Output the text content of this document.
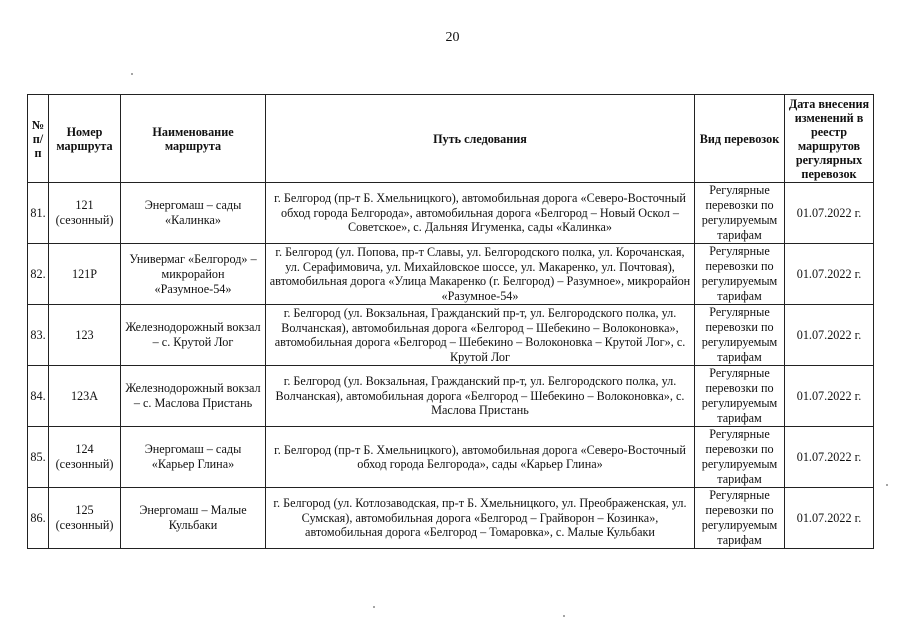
20
№ п/п	Номер маршрута	Наименование маршрута	Путь следования	Вид перевозок	Дата внесения изменений в реестр маршрутов регулярных перевозок
81.	121 (сезонный)	Энергомаш – сады «Калинка»	г. Белгород (пр-т Б. Хмельницкого), автомобильная дорога «Северо-Восточный обход города Белгорода», автомобильная дорога «Белгород – Новый Оскол – Советское», с. Дальняя Игуменка, сады «Калинка»	Регулярные перевозки по регулируемым тарифам	01.07.2022 г.
82.	121Р	Универмаг «Белгород» – микрорайон «Разумное-54»	г. Белгород (ул. Попова, пр-т Славы, ул. Белгородского полка, ул. Корочанская, ул. Серафимовича, ул. Михайловское шоссе, ул. Макаренко, ул. Почтовая), автомобильная дорога «Улица Макаренко (г. Белгород) – Разумное», микрорайон «Разумное-54»	Регулярные перевозки по регулируемым тарифам	01.07.2022 г.
83.	123	Железнодорожный вокзал – с. Крутой Лог	г. Белгород (ул. Вокзальная, Гражданский пр-т, ул. Белгородского полка, ул. Волчанская), автомобильная дорога «Белгород – Шебекино – Волоконовка», автомобильная дорога «Белгород – Шебекино – Волоконовка – Крутой Лог», с. Крутой Лог	Регулярные перевозки по регулируемым тарифам	01.07.2022 г.
84.	123А	Железнодорожный вокзал – с. Маслова Пристань	г. Белгород (ул. Вокзальная, Гражданский пр-т, ул. Белгородского полка, ул. Волчанская), автомобильная дорога «Белгород – Шебекино – Волоконовка», с. Маслова Пристань	Регулярные перевозки по регулируемым тарифам	01.07.2022 г.
85.	124 (сезонный)	Энергомаш – сады «Карьер Глина»	г. Белгород (пр-т Б. Хмельницкого), автомобильная дорога «Северо-Восточный обход города Белгорода», сады «Карьер Глина»	Регулярные перевозки по регулируемым тарифам	01.07.2022 г.
86.	125 (сезонный)	Энергомаш – Малые Кульбаки	г. Белгород (ул. Котлозаводская, пр-т Б. Хмельницкого, ул. Преображенская, ул. Сумская), автомобильная дорога «Белгород – Грайворон – Козинка», автомобильная дорога «Белгород – Томаровка», с. Малые Кульбаки	Регулярные перевозки по регулируемым тарифам	01.07.2022 г.
